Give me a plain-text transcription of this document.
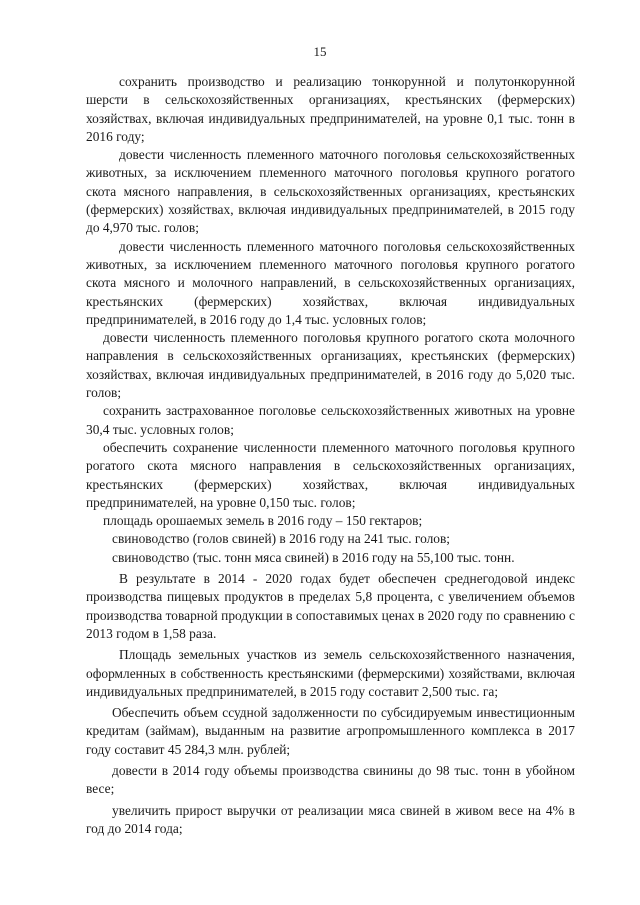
15

сохранить производство и реализацию тонкорунной и полутонкорунной шерсти в сельскохозяйственных организациях, крестьянских (фермерских) хозяйствах, включая индивидуальных предпринимателей, на уровне 0,1 тыс. тонн в 2016 году;

довести численность племенного маточного поголовья сельскохозяйственных животных, за исключением племенного маточного поголовья крупного рогатого скота мясного направления, в сельскохозяйственных организациях, крестьянских (фермерских) хозяйствах, включая индивидуальных предпринимателей, в 2015 году до 4,970 тыс. голов;

довести численность племенного маточного поголовья сельскохозяйственных животных, за исключением племенного маточного поголовья крупного рогатого скота мясного и молочного направлений, в сельскохозяйственных организациях, крестьянских (фермерских) хозяйствах, включая индивидуальных предпринимателей, в 2016 году до 1,4 тыс. условных голов;

довести численность племенного поголовья крупного рогатого скота молочного направления в сельскохозяйственных организациях, крестьянских (фермерских) хозяйствах, включая индивидуальных предпринимателей, в 2016 году до 5,020 тыс. голов;

сохранить застрахованное поголовье сельскохозяйственных животных на уровне 30,4 тыс. условных голов;

обеспечить сохранение численности племенного маточного поголовья крупного рогатого скота мясного направления в сельскохозяйственных организациях, крестьянских (фермерских) хозяйствах, включая индивидуальных предпринимателей, на уровне 0,150 тыс. голов;

площадь орошаемых земель в 2016 году – 150 гектаров;

свиноводство (голов свиней) в 2016 году на 241 тыс. голов;

свиноводство (тыс. тонн мяса свиней) в 2016 году на 55,100 тыс. тонн.

В результате в 2014 - 2020 годах будет обеспечен среднегодовой индекс производства пищевых продуктов в пределах 5,8 процента, с увеличением объемов производства товарной продукции в сопоставимых ценах в 2020 году по сравнению с 2013 годом в 1,58 раза.

Площадь земельных участков из земель сельскохозяйственного назначения, оформленных в собственность крестьянскими (фермерскими) хозяйствами, включая индивидуальных предпринимателей, в 2015 году составит 2,500 тыс. га;

Обеспечить объем ссудной задолженности по субсидируемым инвестиционным кредитам (займам), выданным на развитие агропромышленного комплекса в 2017 году составит 45 284,3 млн. рублей;

довести в 2014 году объемы производства свинины до 98 тыс. тонн в убойном весе;

увеличить прирост выручки от реализации мяса свиней в живом весе на 4% в год до 2014 года;
